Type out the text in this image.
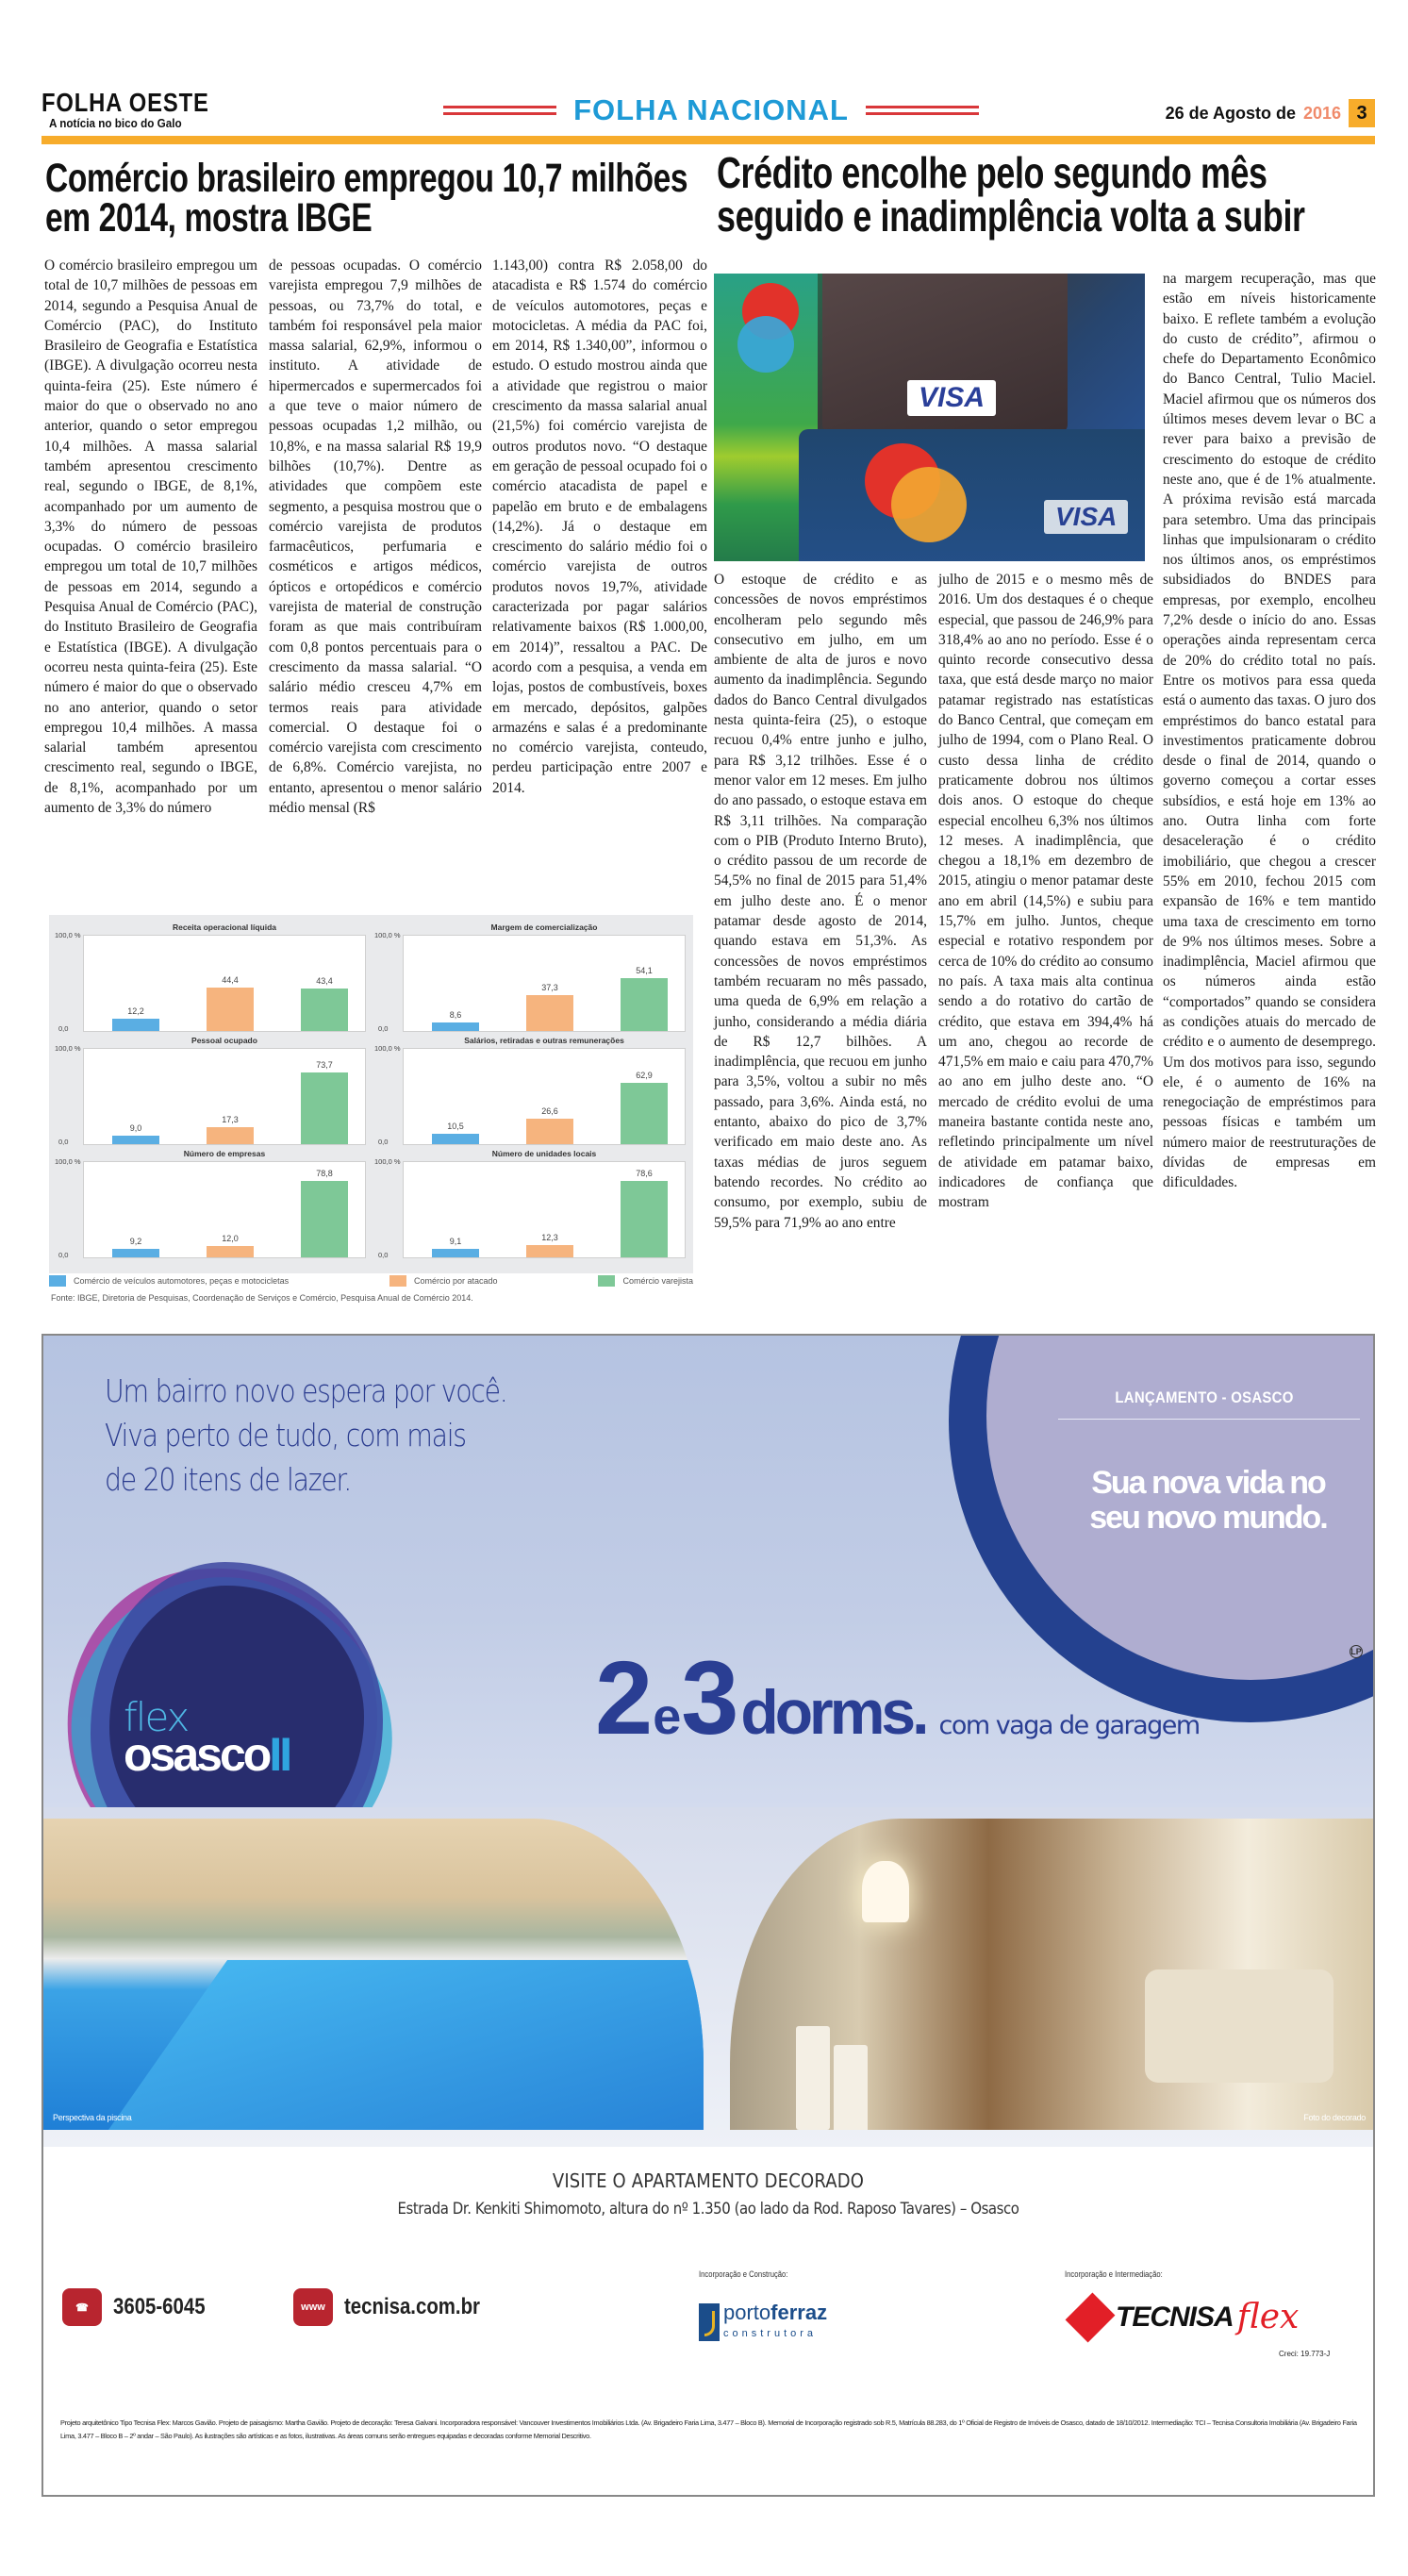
FOLHA OESTE
A notícia no bico do Galo	FOLHA NACIONAL	26 de Agosto de 2016 3
Comércio brasileiro empregou 10,7 milhões em 2014, mostra IBGE
Crédito encolhe pelo segundo mês seguido e inadimplência volta a subir

O comércio brasileiro empregou um total de 10,7 milhões de pessoas em 2014, segundo a Pesquisa Anual de Comércio (PAC), do Instituto Brasileiro de Geografia e Estatística (IBGE). A divulgação ocorreu nesta quinta-feira (25). Este número é maior do que o observado no ano anterior, quando o setor empregou 10,4 milhões. A massa salarial também apresentou crescimento real, segundo o IBGE, de 8,1%, acompanhado por um aumento de 3,3% do número de pessoas ocupadas. O comércio brasileiro empregou um total de 10,7 milhões de pessoas em 2014, segundo a Pesquisa Anual de Comércio (PAC), do Instituto Brasileiro de Geografia e Estatística (IBGE). A divulgação ocorreu nesta quinta-feira (25). Este número é maior do que o observado no ano anterior, quando o setor empregou 10,4 milhões. A massa salarial também apresentou crescimento real, segundo o IBGE, de 8,1%, acompanhado por um aumento de 3,3% do número

de pessoas ocupadas. O comércio varejista empregou 7,9 milhões de pessoas, ou 73,7% do total, e também foi responsável pela maior massa salarial, 62,9%, informou o instituto. A atividade de hipermercados e supermercados foi a que teve o maior número de pessoas ocupadas 1,2 milhão, ou 10,8%, e na massa salarial R$ 19,9 bilhões (10,7%). Dentre as atividades que compõem este segmento, a pesquisa mostrou que o comércio varejista de produtos farmacêuticos, perfumaria e cosméticos e artigos médicos, ópticos e ortopédicos e comércio varejista de material de construção foram as que mais contribuíram com 0,8 pontos percentuais para o crescimento da massa salarial. “O salário médio cresceu 4,7% em termos reais para atividade comercial. O destaque foi o comércio varejista com crescimento de 6,8%. Comércio varejista, no entanto, apresentou o menor salário médio mensal (R$

1.143,00) contra R$ 2.058,00 do atacadista e R$ 1.574 do comércio de veículos automotores, peças e motocicletas. A média da PAC foi, em 2014, R$ 1.340,00”, informou o estudo. O estudo mostrou ainda que a atividade que registrou o maior crescimento da massa salarial anual (21,5%) foi comércio varejista de outros produtos novo. “O destaque em geração de pessoal ocupado foi o comércio atacadista de papel e papelão em bruto e de embalagens (14,2%). Já o destaque em crescimento do salário médio foi o comércio varejista de outros produtos novos 19,7%, atividade caracterizada por pagar salários relativamente baixos (R$ 1.000,00, em 2014)”, ressaltou a PAC. De acordo com a pesquisa, a venda em lojas, postos de combustíveis, boxes em mercado, depósitos, galpões armazéns e salas é a predominante no comércio varejista, conteudo, perdeu participação entre 2007 e 2014.

VISA
VISA

O estoque de crédito e as concessões de novos empréstimos encolheram pelo segundo mês consecutivo em julho, em um ambiente de alta de juros e novo aumento da inadimplência. Segundo dados do Banco Central divulgados nesta quinta-feira (25), o estoque recuou 0,4% entre junho e julho, para R$ 3,12 trilhões. Esse é o menor valor em 12 meses. Em julho do ano passado, o estoque estava em R$ 3,11 trilhões. Na comparação com o PIB (Produto Interno Bruto), o crédito passou de um recorde de 54,5% no final de 2015 para 51,4% em julho deste ano. É o menor patamar desde agosto de 2014, quando estava em 51,3%. As concessões de novos empréstimos também recuaram no mês passado, uma queda de 6,9% em relação a junho, considerando a média diária de R$ 12,7 bilhões. A inadimplência, que recuou em junho para 3,5%, voltou a subir no mês passado, para 3,6%. Ainda está, no entanto, abaixo do pico de 3,7% verificado em maio deste ano. As taxas médias de juros seguem batendo recordes. No crédito ao consumo, por exemplo, subiu de 59,5% para 71,9% ao ano entre

julho de 2015 e o mesmo mês de 2016. Um dos destaques é o cheque especial, que passou de 246,9% para 318,4% ao ano no período. Esse é o quinto recorde consecutivo dessa taxa, que está desde março no maior patamar registrado nas estatísticas do Banco Central, que começam em julho de 1994, com o Plano Real. O custo dessa linha de crédito praticamente dobrou nos últimos dois anos. O estoque do cheque especial encolheu 6,3% nos últimos 12 meses. A inadimplência, que chegou a 18,1% em dezembro de 2015, atingiu o menor patamar deste ano em abril (14,5%) e subiu para 15,7% em julho. Juntos, cheque especial e rotativo respondem por cerca de 10% do crédito ao consumo no país. A taxa mais alta continua sendo a do rotativo do cartão de crédito, que estava em 394,4% há um ano, chegou ao recorde de 471,5% em maio e caiu para 470,7% ao ano em julho deste ano. “O mercado de crédito evolui de uma maneira bastante contida neste ano, refletindo principalmente um nível de atividade em patamar baixo, indicadores de confiança que mostram

na margem recuperação, mas que estão em níveis historicamente baixo. E reflete também a evolução do custo de crédito”, afirmou o chefe do Departamento Econômico do Banco Central, Tulio Maciel. Maciel afirmou que os números dos últimos meses devem levar o BC a rever para baixo a previsão de crescimento do estoque de crédito neste ano, que é de 1% atualmente. A próxima revisão está marcada para setembro. Uma das principais linhas que impulsionaram o crédito nos últimos anos, os empréstimos subsidiados do BNDES para empresas, por exemplo, encolheu 7,2% desde o início do ano. Essas operações ainda representam cerca de 20% do crédito total no país. Entre os motivos para essa queda está o aumento das taxas. O juro dos empréstimos do banco estatal para investimentos praticamente dobrou desde o final de 2014, quando o governo começou a cortar esses subsídios, e está hoje em 13% ao ano. Outra linha com forte desaceleração é o crédito imobiliário, que chegou a crescer 55% em 2010, fechou 2015 com expansão de 16% e tem mantido uma taxa de crescimento em torno de 9% nos últimos meses. Sobre a inadimplência, Maciel afirmou que os números ainda estão “comportados” quando se considera as condições atuais do mercado de crédito e o aumento de desemprego. Um dos motivos para isso, segundo ele, é o aumento de 16% na renegociação de empréstimos para pessoas físicas e também um número maior de reestruturações de dívidas de empresas em dificuldades.

Receita operacional líquida
100,0 %
0,0
12,2
44,4	43,4
Margem de comercialização
100,0 %
0,0
8,6
37,3
54,1
Pessoal ocupado
100,0 %
0,0
9,0
17,3
73,7
Salários, retiradas e outras remunerações
100,0 %
0,0
10,5
26,6
62,9
Número de empresas
100,0 %
0,0
9,2	12,0
78,8
Número de unidades locais
100,0 %
0,0
9,1	12,3
78,6
Comércio de veículos automotores, peças e motocicletas	Comércio por atacado	Comércio varejista
Fonte: IBGE, Diretoria de Pesquisas, Coordenação de Serviços e Comércio, Pesquisa Anual de Comércio 2014.
Um bairro novo espera por você.
Viva perto de tudo, com mais
de 20 itens de lazer.
LANÇAMENTO - OSASCO
Sua nova vida no
seu novo mundo.
LP
flex
osascoII	2 e 3 dorms. com vaga de garagem
Perspectiva da piscina	Foto do decorado
VISITE O APARTAMENTO DECORADO
Estrada Dr. Kenkiti Shimomoto, altura do nº 1.350 (ao lado da Rod. Raposo Tavares) – Osasco
☎	3605-6045	www tecnisa.com.br
Incorporação e Construção:
portoferraz
construtora
Incorporação e Intermediação:
TECNISA flex
Creci: 19.773-J

Projeto arquitetônico Tipo Tecnisa Flex: Marcos Gavião. Projeto de paisagismo: Martha Gavião. Projeto de decoração: Teresa Galvani. Incorporadora responsável: Vancouver Investimentos Imobiliários Ltda. (Av. Brigadeiro Faria Lima, 3.477 – Bloco B). Memorial de Incorporação registrado sob R.5, Matrícula 88.283, do 1º Oficial de Registro de Imóveis de Osasco, datado de 18/10/2012. Intermediação: TCI – Tecnisa Consultoria Imobiliária (Av. Brigadeiro Faria Lima, 3.477 – Bloco B – 2º andar – São Paulo). As ilustrações são artísticas e as fotos, ilustrativas. As áreas comuns serão entregues equipadas e decoradas conforme Memorial Descritivo.
